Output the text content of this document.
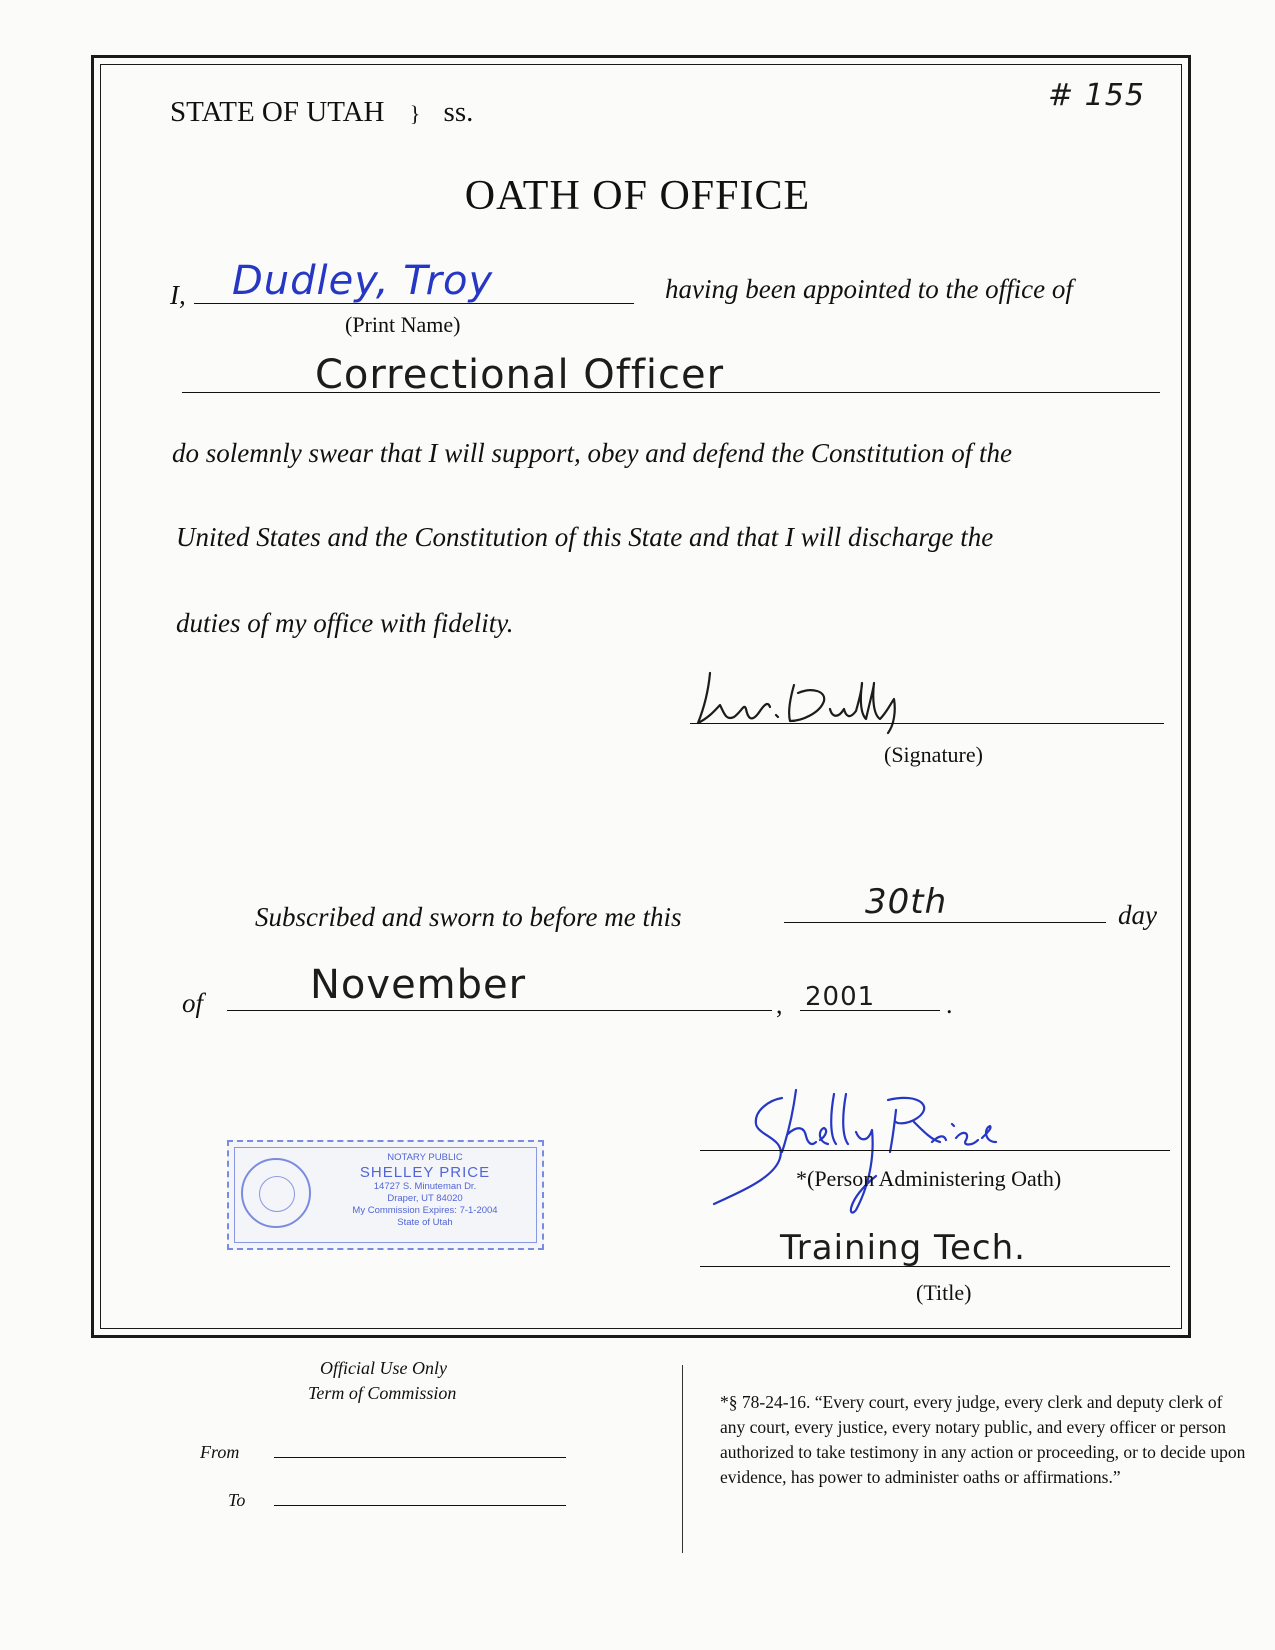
# 155
STATE OF UTAH } ss.
OATH OF OFFICE
I, Dudley, Troy
(Print Name)
having been appointed to the office of
Correctional Officer
do solemnly swear that I will support, obey and defend the Constitution of the
United States and the Constitution of this State and that I will discharge the
duties of my office with fidelity.
(Signature)
Subscribed and sworn to before me this	30th	day
of	November	, 2001	.
NOTARY PUBLIC
SHELLEY PRICE
14727 S. Minuteman Dr.
Draper, UT 84020
My Commission Expires: 7-1-2004
State of Utah
*(Person Administering Oath)
Training Tech.
(Title)
Official Use Only
Term of Commission
From
To
*§ 78-24-16. “Every court, every judge, every clerk and deputy clerk of any court, every justice, every notary public, and every officer or person authorized to take testimony in any action or proceeding, or to decide upon evidence, has power to administer oaths or affirmations.”
